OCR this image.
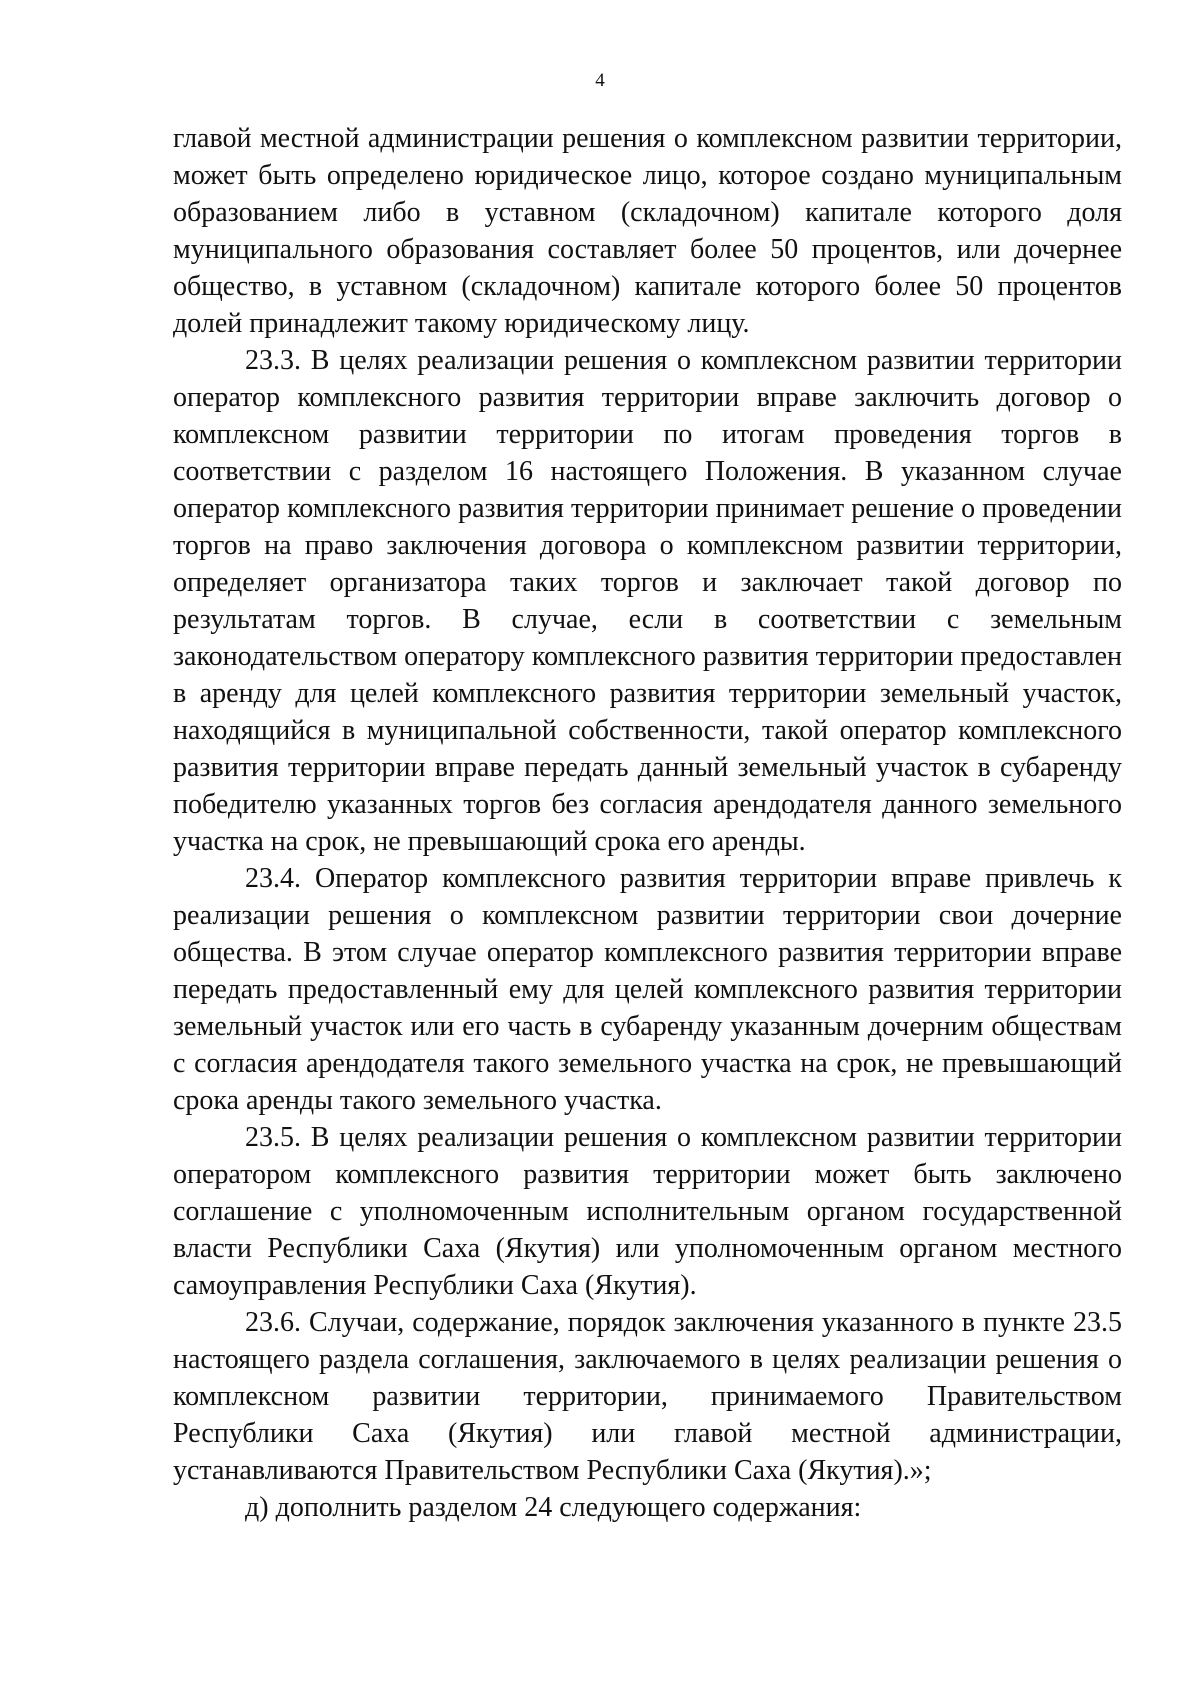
4

главой местной администрации решения о комплексном развитии территории, может быть определено юридическое лицо, которое создано муниципальным образованием либо в уставном (складочном) капитале которого доля муниципального образования составляет более 50 процентов, или дочернее общество, в уставном (складочном) капитале которого более 50 процентов долей принадлежит такому юридическому лицу.

23.3. В целях реализации решения о комплексном развитии территории оператор комплексного развития территории вправе заключить договор о комплексном развитии территории по итогам проведения торгов в соответствии с разделом 16 настоящего Положения. В указанном случае оператор комплексного развития территории принимает решение о проведении торгов на право заключения договора о комплексном развитии территории, определяет организатора таких торгов и заключает такой договор по результатам торгов. В случае, если в соответствии с земельным законодательством оператору комплексного развития территории предоставлен в аренду для целей комплексного развития территории земельный участок, находящийся в муниципальной собственности, такой оператор комплексного развития территории вправе передать данный земельный участок в субаренду победителю указанных торгов без согласия арендодателя данного земельного участка на срок, не превышающий срока его аренды.

23.4. Оператор комплексного развития территории вправе привлечь к реализации решения о комплексном развитии территории свои дочерние общества. В этом случае оператор комплексного развития территории вправе передать предоставленный ему для целей комплексного развития территории земельный участок или его часть в субаренду указанным дочерним обществам с согласия арендодателя такого земельного участка на срок, не превышающий срока аренды такого земельного участка.

23.5. В целях реализации решения о комплексном развитии территории оператором комплексного развития территории может быть заключено соглашение с уполномоченным исполнительным органом государственной власти Республики Саха (Якутия) или уполномоченным органом местного самоуправления Республики Саха (Якутия).

23.6. Случаи, содержание, порядок заключения указанного в пункте 23.5 настоящего раздела соглашения, заключаемого в целях реализации решения о комплексном развитии территории, принимаемого Правительством Республики Саха (Якутия) или главой местной администрации, устанавливаются Правительством Республики Саха (Якутия).»;

д) дополнить разделом 24 следующего содержания:
